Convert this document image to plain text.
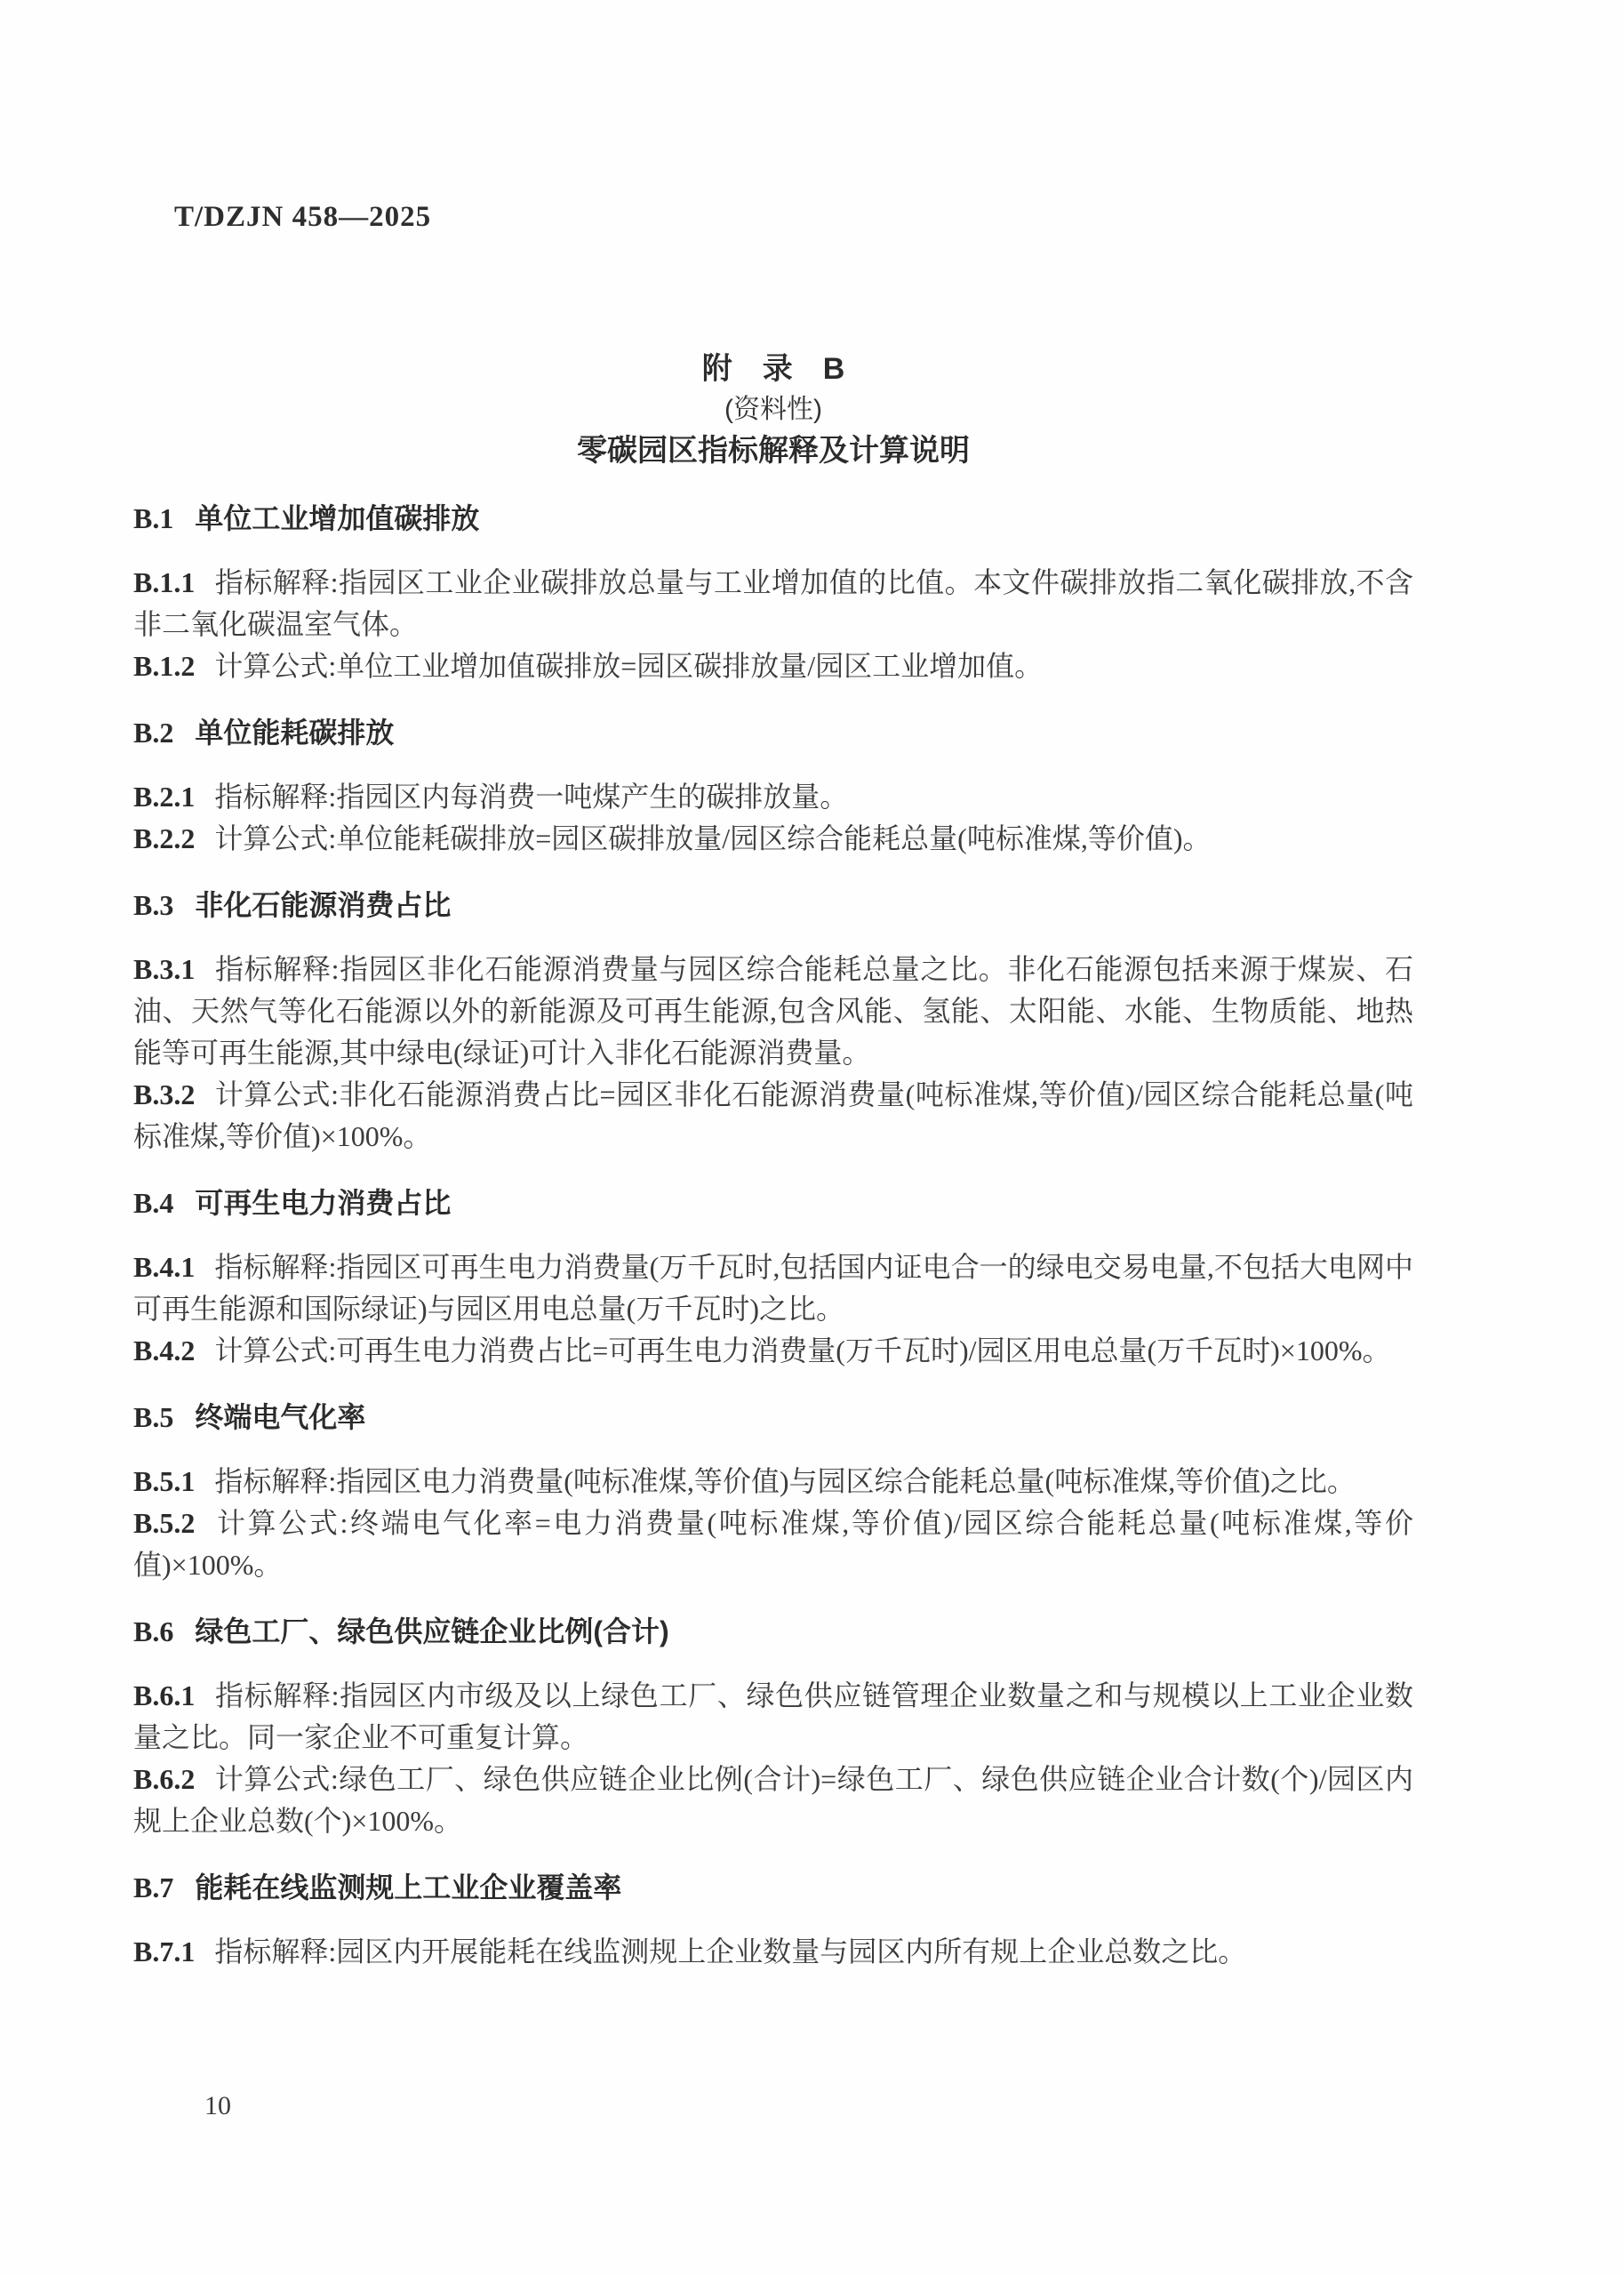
T/DZJN 458—2025
附　录　B
(资料性)
零碳园区指标解释及计算说明
B.1 单位工业增加值碳排放

B.1.1 指标解释:指园区工业企业碳排放总量与工业增加值的比值。本文件碳排放指二氧化碳排放,不含非二氧化碳温室气体。

B.1.2 计算公式:单位工业增加值碳排放=园区碳排放量/园区工业增加值。

B.2 单位能耗碳排放

B.2.1 指标解释:指园区内每消费一吨煤产生的碳排放量。

B.2.2 计算公式:单位能耗碳排放=园区碳排放量/园区综合能耗总量(吨标准煤,等价值)。

B.3 非化石能源消费占比

B.3.1 指标解释:指园区非化石能源消费量与园区综合能耗总量之比。非化石能源包括来源于煤炭、石油、天然气等化石能源以外的新能源及可再生能源,包含风能、氢能、太阳能、水能、生物质能、地热能等可再生能源,其中绿电(绿证)可计入非化石能源消费量。

B.3.2 计算公式:非化石能源消费占比=园区非化石能源消费量(吨标准煤,等价值)/园区综合能耗总量(吨标准煤,等价值)×100%。

B.4 可再生电力消费占比

B.4.1 指标解释:指园区可再生电力消费量(万千瓦时,包括国内证电合一的绿电交易电量,不包括大电网中可再生能源和国际绿证)与园区用电总量(万千瓦时)之比。

B.4.2 计算公式:可再生电力消费占比=可再生电力消费量(万千瓦时)/园区用电总量(万千瓦时)×100%。

B.5 终端电气化率

B.5.1 指标解释:指园区电力消费量(吨标准煤,等价值)与园区综合能耗总量(吨标准煤,等价值)之比。

B.5.2 计算公式:终端电气化率=电力消费量(吨标准煤,等价值)/园区综合能耗总量(吨标准煤,等价值)×100%。

B.6 绿色工厂、绿色供应链企业比例(合计)

B.6.1 指标解释:指园区内市级及以上绿色工厂、绿色供应链管理企业数量之和与规模以上工业企业数量之比。同一家企业不可重复计算。

B.6.2 计算公式:绿色工厂、绿色供应链企业比例(合计)=绿色工厂、绿色供应链企业合计数(个)/园区内规上企业总数(个)×100%。

B.7 能耗在线监测规上工业企业覆盖率

B.7.1 指标解释:园区内开展能耗在线监测规上企业数量与园区内所有规上企业总数之比。

10
